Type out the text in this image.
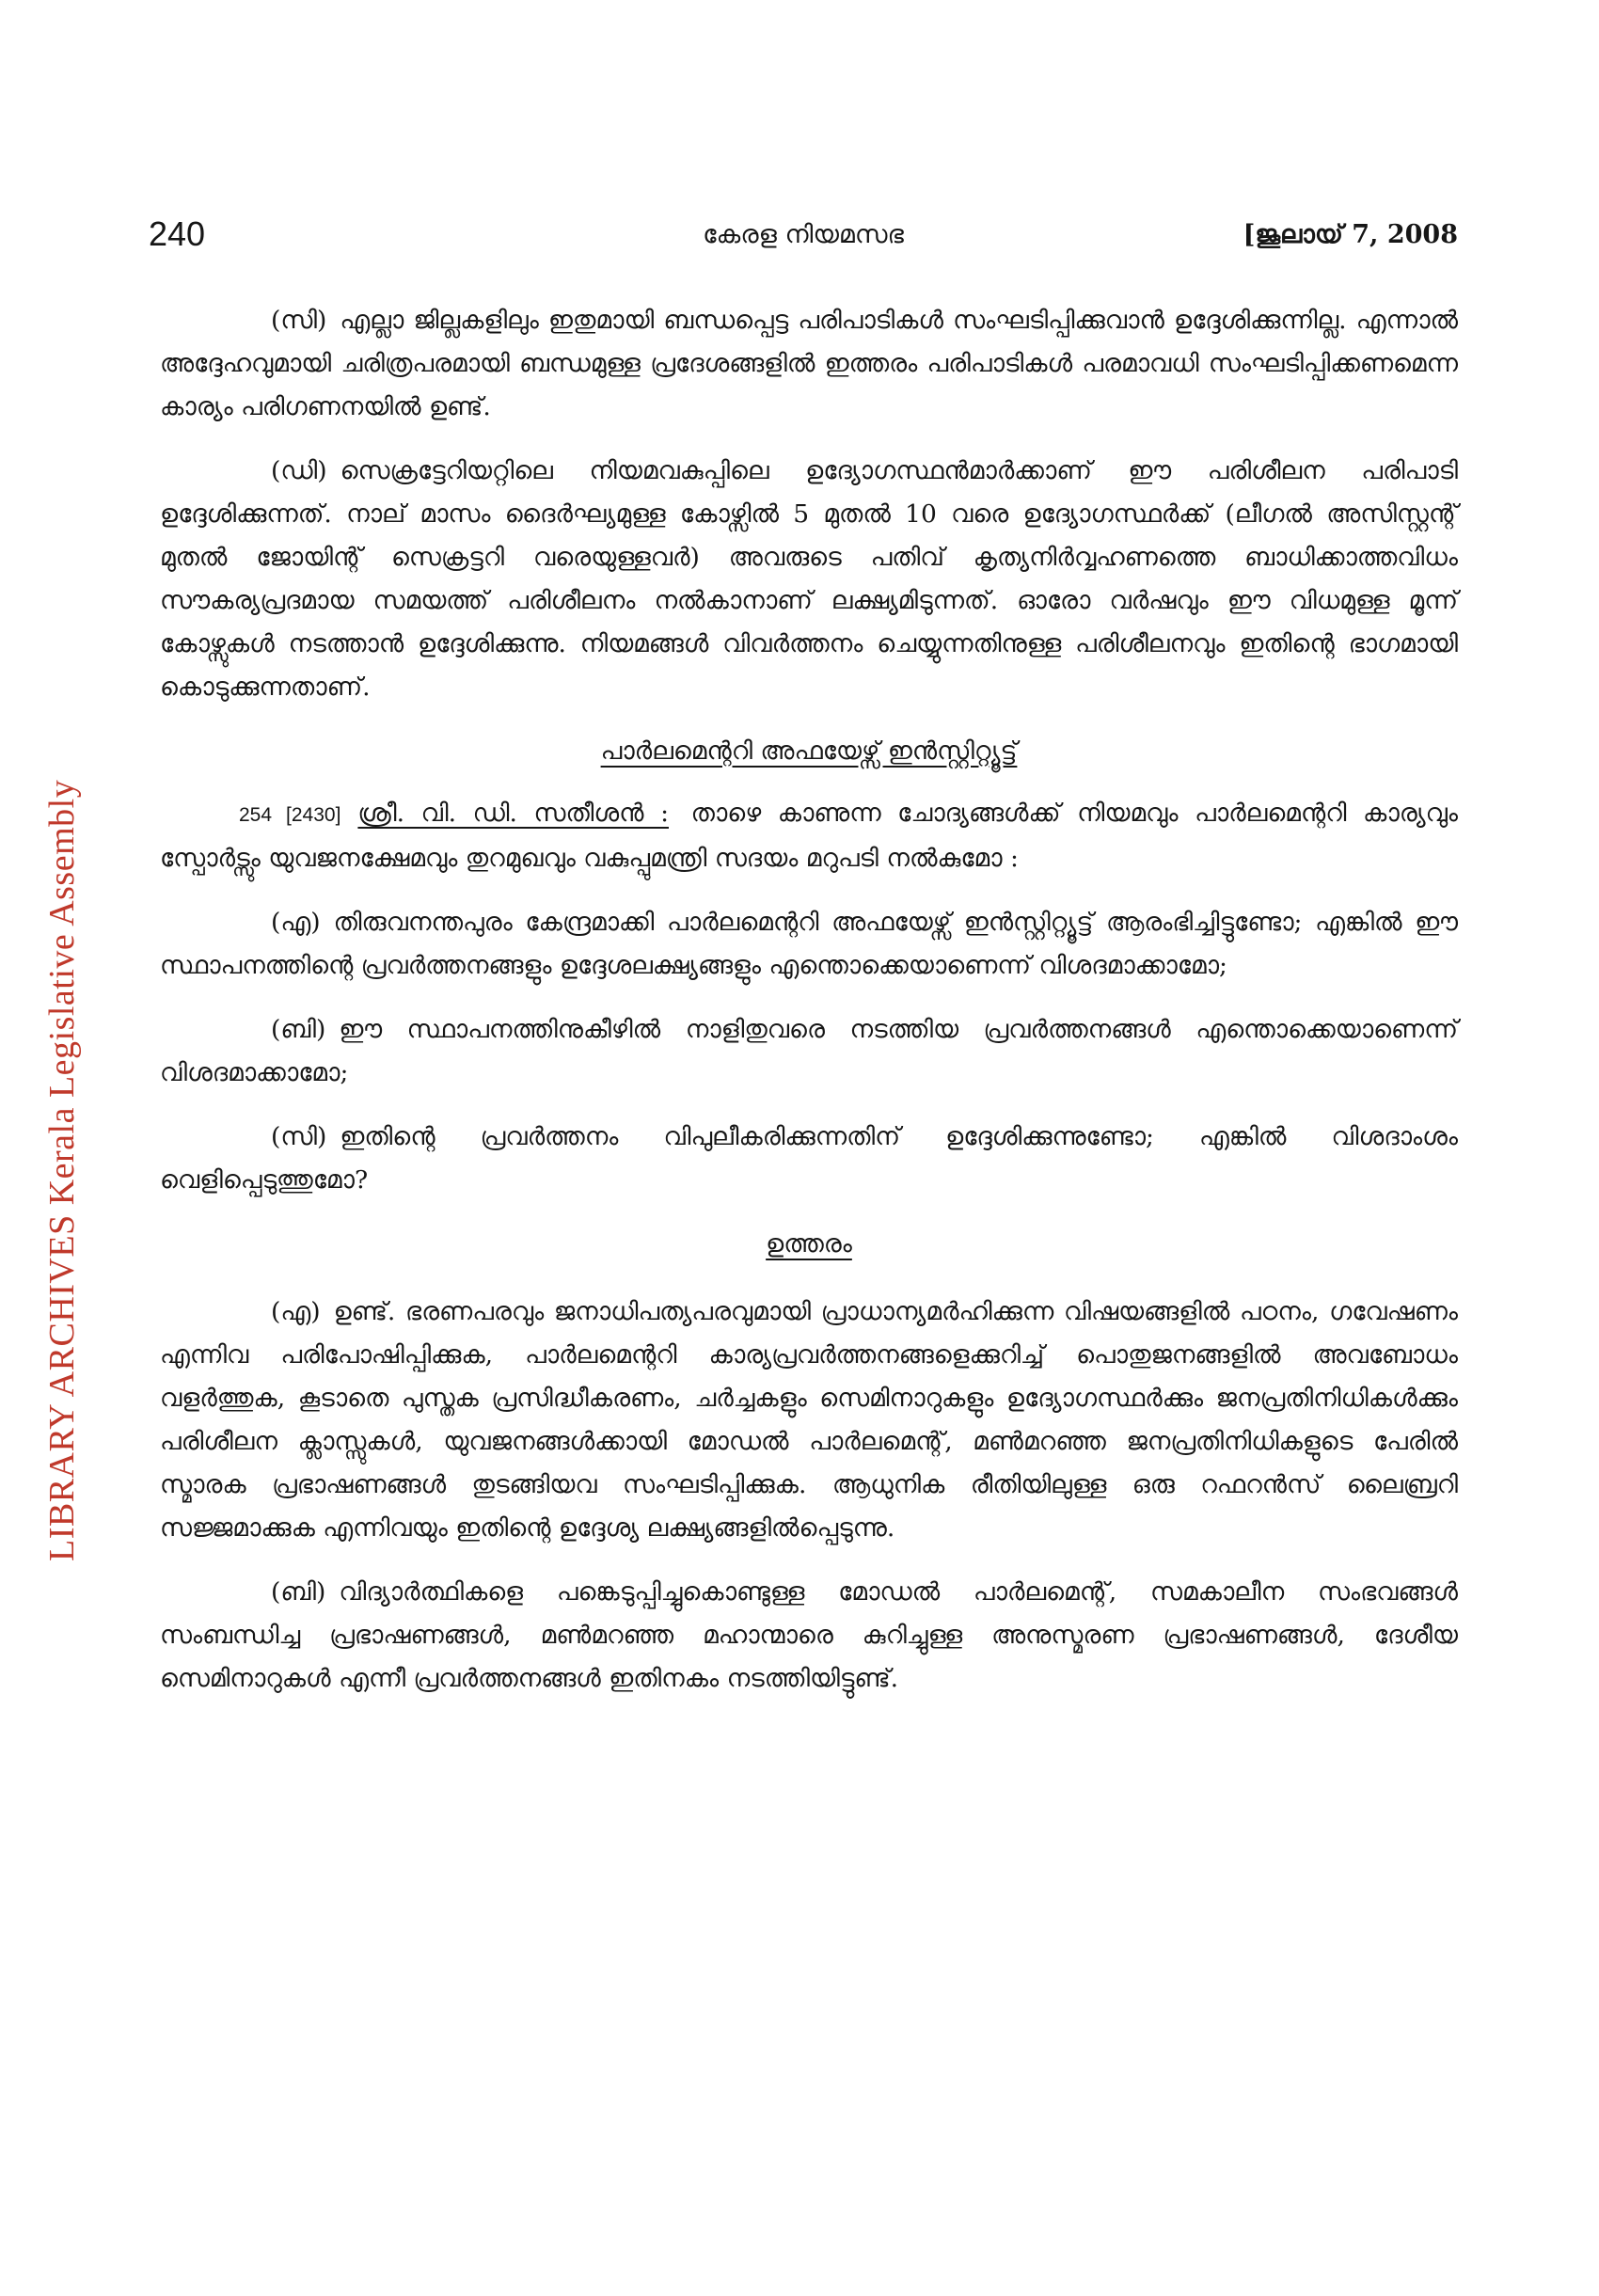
LIBRARY ARCHIVES Kerala Legislative Assembly
240	കേരള നിയമസഭ	[ജൂലായ് 7, 2008

(സി) എല്ലാ ജില്ലകളിലും ഇതുമായി ബന്ധപ്പെട്ട പരിപാടികൾ സംഘടിപ്പിക്കുവാൻ ഉദ്ദേശിക്കുന്നില്ല. എന്നാൽ അദ്ദേഹവുമായി ചരിത്രപരമായി ബന്ധമുള്ള പ്രദേശങ്ങളിൽ ഇത്തരം പരിപാടികൾ പരമാവധി സംഘടിപ്പിക്കണമെന്ന കാര്യം പരിഗണനയിൽ ഉണ്ട്.

(ഡി) സെക്രട്ടേറിയറ്റിലെ നിയമവകുപ്പിലെ ഉദ്യോഗസ്ഥൻമാർക്കാണ് ഈ പരിശീലന പരിപാടി ഉദ്ദേശിക്കുന്നത്. നാല് മാസം ദൈർഘ്യമുള്ള കോഴ്സിൽ 5 മുതൽ 10 വരെ ഉദ്യോഗസ്ഥർക്ക് (ലീഗൽ അസിസ്റ്റന്റ് മുതൽ ജോയിന്റ് സെക്രട്ടറി വരെയുള്ളവർ) അവരുടെ പതിവ് കൃത്യനിർവ്വഹണത്തെ ബാധിക്കാത്തവിധം സൗകര്യപ്രദമായ സമയത്ത് പരിശീലനം നൽകാനാണ് ലക്ഷ്യമിടുന്നത്. ഓരോ വർഷവും ഈ വിധമുള്ള മൂന്ന് കോഴ്സുകൾ നടത്താൻ ഉദ്ദേശിക്കുന്നു. നിയമങ്ങൾ വിവർത്തനം ചെയ്യുന്നതിനുള്ള പരിശീലനവും ഇതിന്റെ ഭാഗമായി കൊടുക്കുന്നതാണ്.

പാർലമെന്ററി അഫയേഴ്സ് ഇൻസ്റ്റിറ്റ്യൂട്ട്

254 [2430] ശ്രീ. വി. ഡി. സതീശൻ : താഴെ കാണുന്ന ചോദ്യങ്ങൾക്ക് നിയമവും പാർലമെന്ററി കാര്യവും സ്പോർട്സും യുവജനക്ഷേമവും തുറമുഖവും വകുപ്പുമന്ത്രി സദയം മറുപടി നൽകുമോ :

(എ) തിരുവനന്തപുരം കേന്ദ്രമാക്കി പാർലമെന്ററി അഫയേഴ്സ് ഇൻസ്റ്റിറ്റ്യൂട്ട് ആരംഭിച്ചിട്ടുണ്ടോ; എങ്കിൽ ഈ സ്ഥാപനത്തിന്റെ പ്രവർത്തനങ്ങളും ഉദ്ദേശലക്ഷ്യങ്ങളും എന്തൊക്കെയാണെന്ന് വിശദമാക്കാമോ;

(ബി) ഈ സ്ഥാപനത്തിനുകീഴിൽ നാളിതുവരെ നടത്തിയ പ്രവർത്തനങ്ങൾ എന്തൊക്കെയാണെന്ന് വിശദമാക്കാമോ;

(സി) ഇതിന്റെ പ്രവർത്തനം വിപുലീകരിക്കുന്നതിന് ഉദ്ദേശിക്കുന്നുണ്ടോ; എങ്കിൽ വിശദാംശം വെളിപ്പെടുത്തുമോ?

ഉത്തരം

(എ) ഉണ്ട്. ഭരണപരവും ജനാധിപത്യപരവുമായി പ്രാധാന്യമർഹിക്കുന്ന വിഷയങ്ങളിൽ പഠനം, ഗവേഷണം എന്നിവ പരിപോഷിപ്പിക്കുക, പാർലമെന്ററി കാര്യപ്രവർത്തനങ്ങളെക്കുറിച്ച് പൊതുജനങ്ങളിൽ അവബോധം വളർത്തുക, കൂടാതെ പുസ്തക പ്രസിദ്ധീകരണം, ചർച്ചകളും സെമിനാറുകളും ഉദ്യോഗസ്ഥർക്കും ജനപ്രതിനിധികൾക്കും പരിശീലന ക്ലാസ്സുകൾ, യുവജനങ്ങൾക്കായി മോഡൽ പാർലമെന്റ്, മൺമറഞ്ഞ ജനപ്രതിനിധികളുടെ പേരിൽ സ്മാരക പ്രഭാഷണങ്ങൾ തുടങ്ങിയവ സംഘടിപ്പിക്കുക. ആധുനിക രീതിയിലുള്ള ഒരു റഫറൻസ് ലൈബ്രറി സജ്ജമാക്കുക എന്നിവയും ഇതിന്റെ ഉദ്ദേശ്യ ലക്ഷ്യങ്ങളിൽപ്പെടുന്നു.

(ബി) വിദ്യാർത്ഥികളെ പങ്കെടുപ്പിച്ചുകൊണ്ടുള്ള മോഡൽ പാർലമെന്റ്, സമകാലീന സംഭവങ്ങൾ സംബന്ധിച്ച പ്രഭാഷണങ്ങൾ, മൺമറഞ്ഞ മഹാന്മാരെ കുറിച്ചുള്ള അനുസ്മരണ പ്രഭാഷണങ്ങൾ, ദേശീയ സെമിനാറുകൾ എന്നീ പ്രവർത്തനങ്ങൾ ഇതിനകം നടത്തിയിട്ടുണ്ട്.
